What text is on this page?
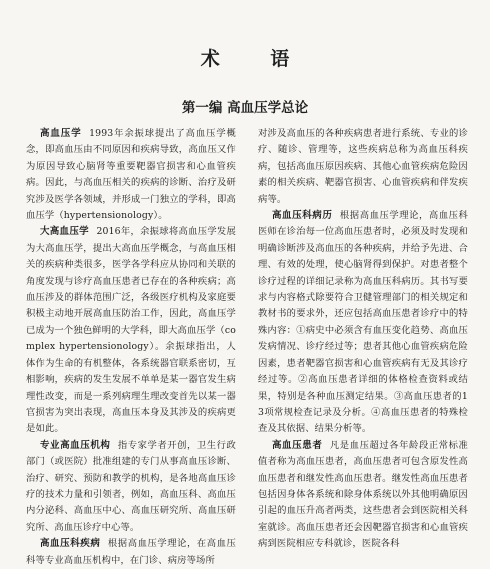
术 语
第一编 高血压学总论

高血压学 1993年余振球提出了高血压学概念，即高血压由不同原因和疾病导致，高血压又作为原因导致心脑肾等重要靶器官损害和心血管疾病。因此，与高血压相关的疾病的诊断、治疗及研究涉及医学各领域，并形成一门独立的学科，即高血压学（hypertensionology）。

大高血压学 2016年，余振球将高血压学发展为大高血压学，提出大高血压学概念，与高血压相关的疾病种类很多，医学各学科应从协同和关联的角度发现与诊疗高血压患者已存在的各种疾病；高血压涉及的群体范围广泛，各级医疗机构及家庭要积极主动地开展高血压防治工作，因此，高血压学已成为一个独色鲜明的大学科，即大高血压学（complex hypertensionology）。余振球指出，人体作为生命的有机整体，各系统器官联系密切，互相影响，疾病的发生发展不单单是某一器官发生病理性改变，而是一系列病理生理改变首先以某一器官损害为突出表现，高血压本身及其涉及的疾病更是如此。

专业高血压机构 指专家学者开创，卫生行政部门（或医院）批准组建的专门从事高血压诊断、治疗、研究、预防和教学的机构，是各地高血压诊疗的技术力量和引领者，例如，高血压科、高血压内分泌科、高血压中心、高血压研究所、高血压研究所、高血压诊疗中心等。

高血压科疾病 根据高血压学理论，在高血压科等专业高血压机构中，在门诊、病房等场所

对涉及高血压的各种疾病患者进行系统、专业的诊疗、随诊、管理等，这些疾病总称为高血压科疾病，包括高血压原因疾病、其他心血管疾病危险因素的相关疾病、靶器官损害、心血管疾病和伴发疾病等。

高血压科病历 根据高血压学理论，高血压科医师在诊治每一位高血压患者时，必须及时发现和明确诊断涉及高血压的各种疾病，并给予先进、合理、有效的处理，使心脑肾得到保护。对患者整个诊疗过程的详细记录称为高血压科病历。其书写要求与内容格式除要符合卫健管理部门的相关规定和教材书的要求外，还应包括高血压患者诊疗中的特殊内容：①病史中必须含有血压变化趋势、高血压发病情况、诊疗经过等；患者其他心血管疾病危险因素，患者靶器官损害和心血管疾病有无及其诊疗经过等。②高血压患者详细的体格检查资料或结果，特别是各种血压测定结果。③高血压患者的13项常规检查记录及分析。④高血压患者的特殊检查及其依据、结果分析等。

高血压患者 凡是血压超过各年龄段正常标准值者称为高血压患者，高血压患者可包含原发性高血压患者和继发性高血压患者。继发性高血压患者包括因身体各系统和除身体系统以外其他明确原因引起的血压升高者两类，这些患者会到医院相关科室就诊。高血压患者还会因靶器官损害和心血管疾病到医院相应专科就诊，医院各科
